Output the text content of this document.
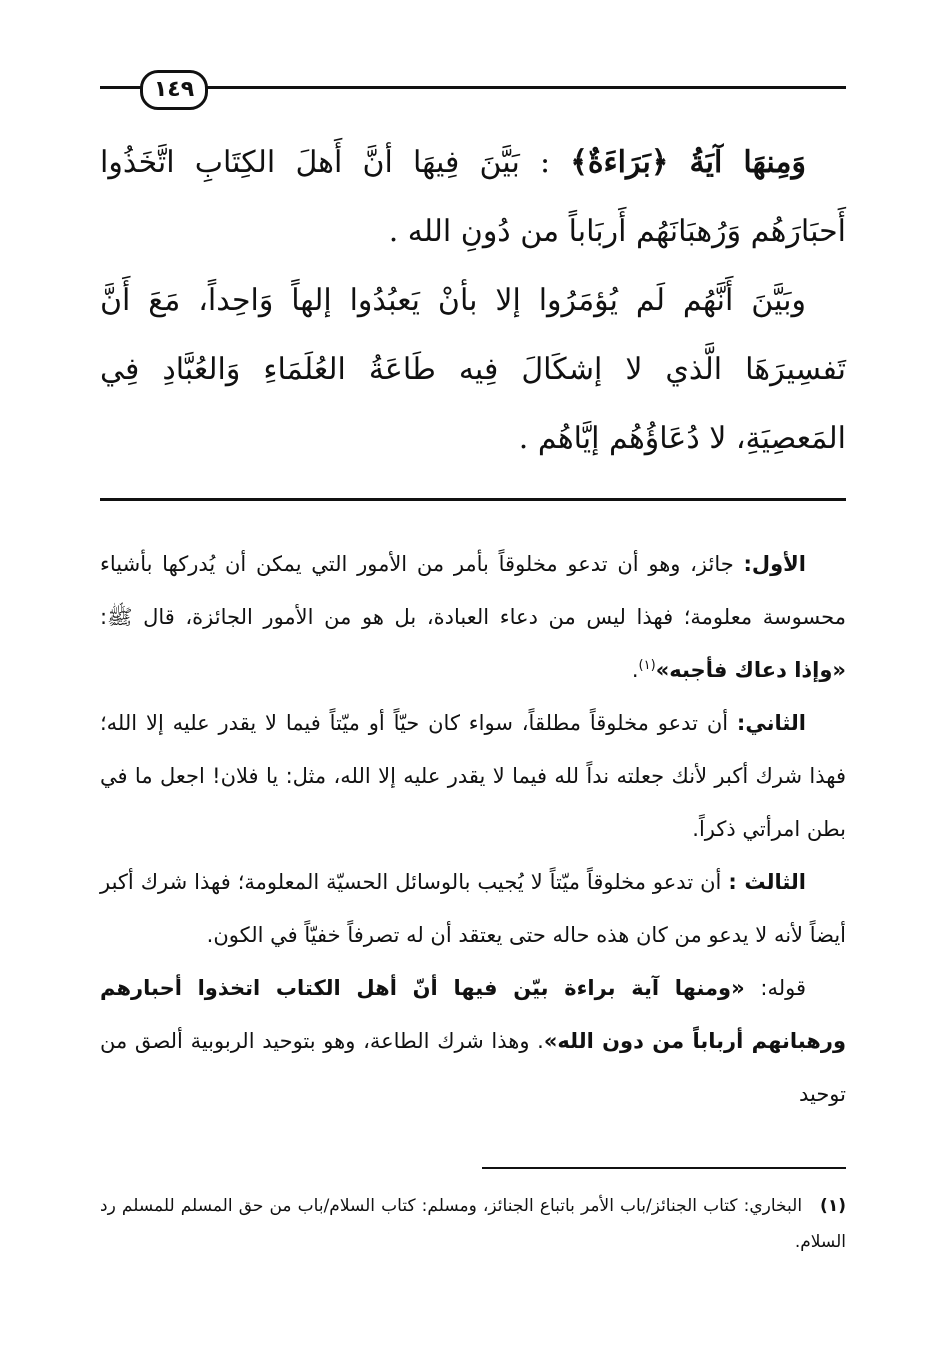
١٤٩

وَمِنهَا آيَةُ ﴿بَرَاءَةٌ﴾ : بَيَّنَ فِيهَا أنَّ أَهلَ الكِتَابِ اتَّخَذُوا أَحبَارَهُم وَرُهبَانَهُم أَربَاباً من دُونِ الله .

وبَيَّنَ أَنَّهُم لَم يُؤمَرُوا إلا بأنْ يَعبُدُوا إلهاً وَاحِداً، مَعَ أَنَّ تَفسِيرَهَا الَّذي لا إشكَالَ فِيه طَاعَةُ العُلَمَاءِ وَالعُبَّادِ فِي المَعصِيَةِ، لا دُعَاؤُهُم إيَّاهُم .

الأول: جائز، وهو أن تدعو مخلوقاً بأمر من الأمور التي يمكن أن يُدركها بأشياء محسوسة معلومة؛ فهذا ليس من دعاء العبادة، بل هو من الأمور الجائزة، قال ﷺ: «وإذا دعاك فأجبه»$^{(١)}$.

الثاني: أن تدعو مخلوقاً مطلقاً، سواء كان حيّاً أو ميّتاً فيما لا يقدر عليه إلا الله؛ فهذا شرك أكبر لأنك جعلته نداً لله فيما لا يقدر عليه إلا الله، مثل: يا فلان! اجعل ما في بطن امرأتي ذكراً.

الثالث : أن تدعو مخلوقاً ميّتاً لا يُجيب بالوسائل الحسيّة المعلومة؛ فهذا شرك أكبر أيضاً لأنه لا يدعو من كان هذه حاله حتى يعتقد أن له تصرفاً خفيّاً في الكون.

قوله: «ومنها آية براءة بيّن فيها أنّ أهل الكتاب اتخذوا أحبارهم ورهبانهم أرباباً من دون الله». وهذا شرك الطاعة، وهو بتوحيد الربوبية ألصق من توحيد

(١)البخاري: كتاب الجنائز/باب الأمر باتباع الجنائز، ومسلم: كتاب السلام/باب من حق المسلم للمسلم رد السلام.
